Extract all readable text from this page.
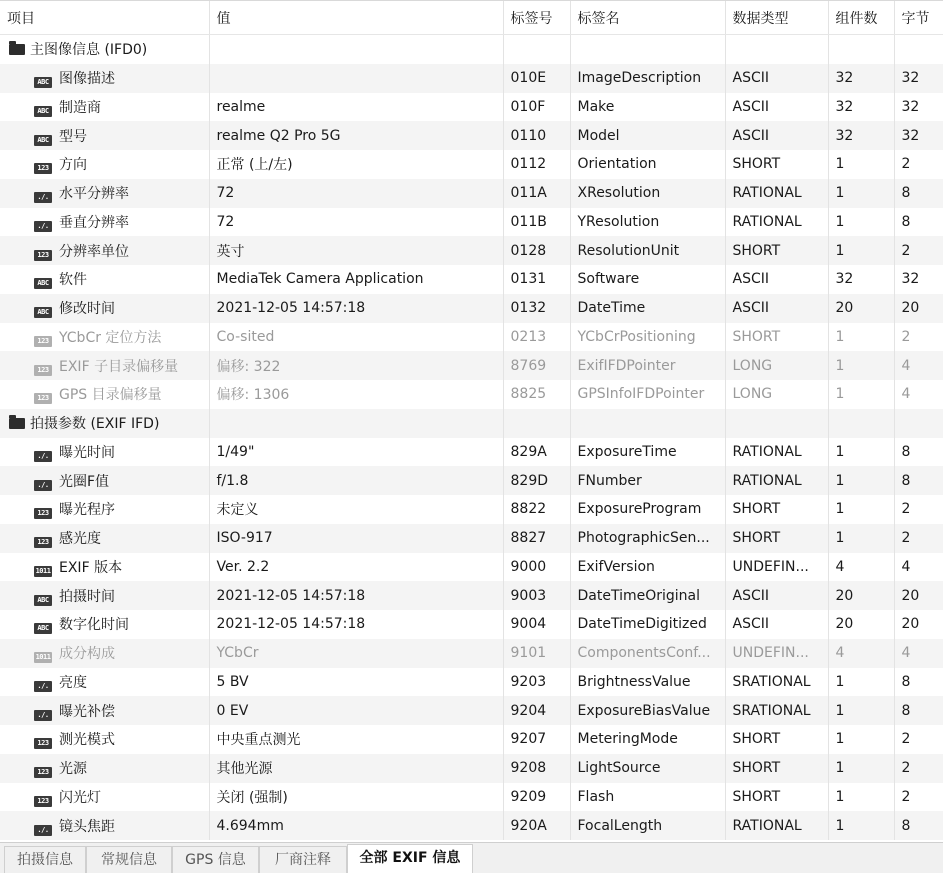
项目	值	标签号	标签名	数据类型	组件数	字节
主图像信息 (IFD0)						
ABC 图像描述		010E	ImageDescription	ASCII	32	32
ABC 制造商	realme	010F	Make	ASCII	32	32
ABC 型号	realme Q2 Pro 5G	0110	Model	ASCII	32	32
123 方向	正常 (上/左)	0112	Orientation	SHORT	1	2
./. 水平分辨率	72	011A	XResolution	RATIONAL	1	8
./. 垂直分辨率	72	011B	YResolution	RATIONAL	1	8
123 分辨率单位	英寸	0128	ResolutionUnit	SHORT	1	2
ABC 软件	MediaTek Camera Application	0131	Software	ASCII	32	32
ABC 修改时间	2021-12-05 14:57:18	0132	DateTime	ASCII	20	20
123 YCbCr 定位方法	Co-sited	0213	YCbCrPositioning	SHORT	1	2
123 EXIF 子目录偏移量	偏移: 322	8769	ExifIFDPointer	LONG	1	4
123 GPS 目录偏移量	偏移: 1306	8825	GPSInfoIFDPointer	LONG	1	4
拍摄参数 (EXIF IFD)						
./. 曝光时间	1/49"	829A	ExposureTime	RATIONAL	1	8
./. 光圈F值	f/1.8	829D	FNumber	RATIONAL	1	8
123 曝光程序	未定义	8822	ExposureProgram	SHORT	1	2
123 感光度	ISO-917	8827	PhotographicSen...	SHORT	1	2
1011 EXIF 版本	Ver. 2.2	9000	ExifVersion	UNDEFIN...	4	4
ABC 拍摄时间	2021-12-05 14:57:18	9003	DateTimeOriginal	ASCII	20	20
ABC 数字化时间	2021-12-05 14:57:18	9004	DateTimeDigitized	ASCII	20	20
1011 成分构成	YCbCr	9101	ComponentsConf...	UNDEFIN...	4	4
./. 亮度	5 BV	9203	BrightnessValue	SRATIONAL	1	8
./. 曝光补偿	0 EV	9204	ExposureBiasValue	SRATIONAL	1	8
123 测光模式	中央重点测光	9207	MeteringMode	SHORT	1	2
123 光源	其他光源	9208	LightSource	SHORT	1	2
123 闪光灯	关闭 (强制)	9209	Flash	SHORT	1	2
./. 镜头焦距	4.694mm	920A	FocalLength	RATIONAL	1	8
拍摄信息	常规信息	GPS 信息	厂商注释	全部 EXIF 信息
